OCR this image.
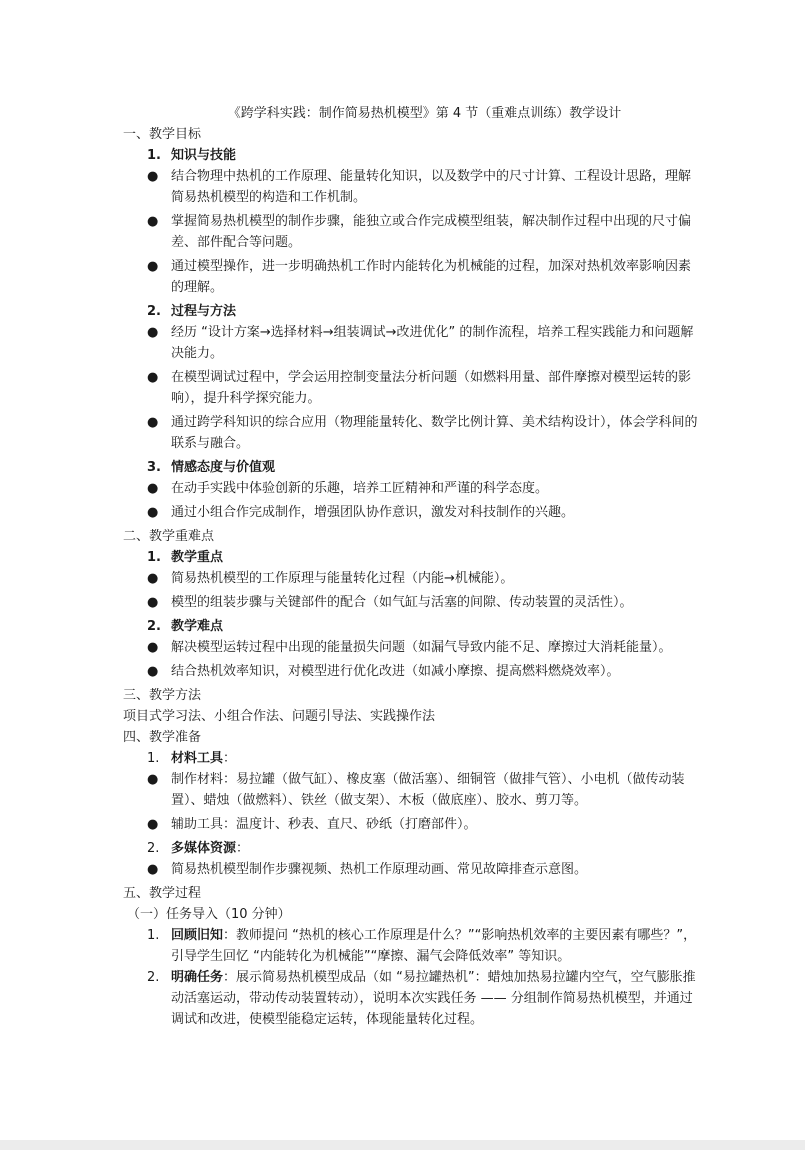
《跨学科实践：制作简易热机模型》第 4 节（重难点训练）教学设计

一、教学目标

1. 知识与技能

● 结合物理中热机的工作原理、能量转化知识，以及数学中的尺寸计算、工程设计思路，理解简易热机模型的构造和工作机制。

● 掌握简易热机模型的制作步骤，能独立或合作完成模型组装，解决制作过程中出现的尺寸偏差、部件配合等问题。

● 通过模型操作，进一步明确热机工作时内能转化为机械能的过程，加深对热机效率影响因素的理解。

2. 过程与方法

● 经历 “设计方案→选择材料→组装调试→改进优化” 的制作流程，培养工程实践能力和问题解决能力。

● 在模型调试过程中，学会运用控制变量法分析问题（如燃料用量、部件摩擦对模型运转的影响），提升科学探究能力。

● 通过跨学科知识的综合应用（物理能量转化、数学比例计算、美术结构设计），体会学科间的联系与融合。

3. 情感态度与价值观

● 在动手实践中体验创新的乐趣，培养工匠精神和严谨的科学态度。

● 通过小组合作完成制作，增强团队协作意识，激发对科技制作的兴趣。

二、教学重难点

1. 教学重点

● 简易热机模型的工作原理与能量转化过程（内能→机械能）。

● 模型的组装步骤与关键部件的配合（如气缸与活塞的间隙、传动装置的灵活性）。

2. 教学难点

● 解决模型运转过程中出现的能量损失问题（如漏气导致内能不足、摩擦过大消耗能量）。

● 结合热机效率知识，对模型进行优化改进（如减小摩擦、提高燃料燃烧效率）。

三、教学方法

项目式学习法、小组合作法、问题引导法、实践操作法

四、教学准备

1. 材料工具：

● 制作材料：易拉罐（做气缸）、橡皮塞（做活塞）、细铜管（做排气管）、小电机（做传动装置）、蜡烛（做燃料）、铁丝（做支架）、木板（做底座）、胶水、剪刀等。

● 辅助工具：温度计、秒表、直尺、砂纸（打磨部件）。

2. 多媒体资源：

● 简易热机模型制作步骤视频、热机工作原理动画、常见故障排查示意图。

五、教学过程

（一）任务导入（10 分钟）

1. 回顾旧知：教师提问 “热机的核心工作原理是什么？”“影响热机效率的主要因素有哪些？”，引导学生回忆 “内能转化为机械能”“摩擦、漏气会降低效率” 等知识。

2. 明确任务：展示简易热机模型成品（如 “易拉罐热机”：蜡烛加热易拉罐内空气，空气膨胀推动活塞运动，带动传动装置转动），说明本次实践任务 —— 分组制作简易热机模型，并通过调试和改进，使模型能稳定运转，体现能量转化过程。
